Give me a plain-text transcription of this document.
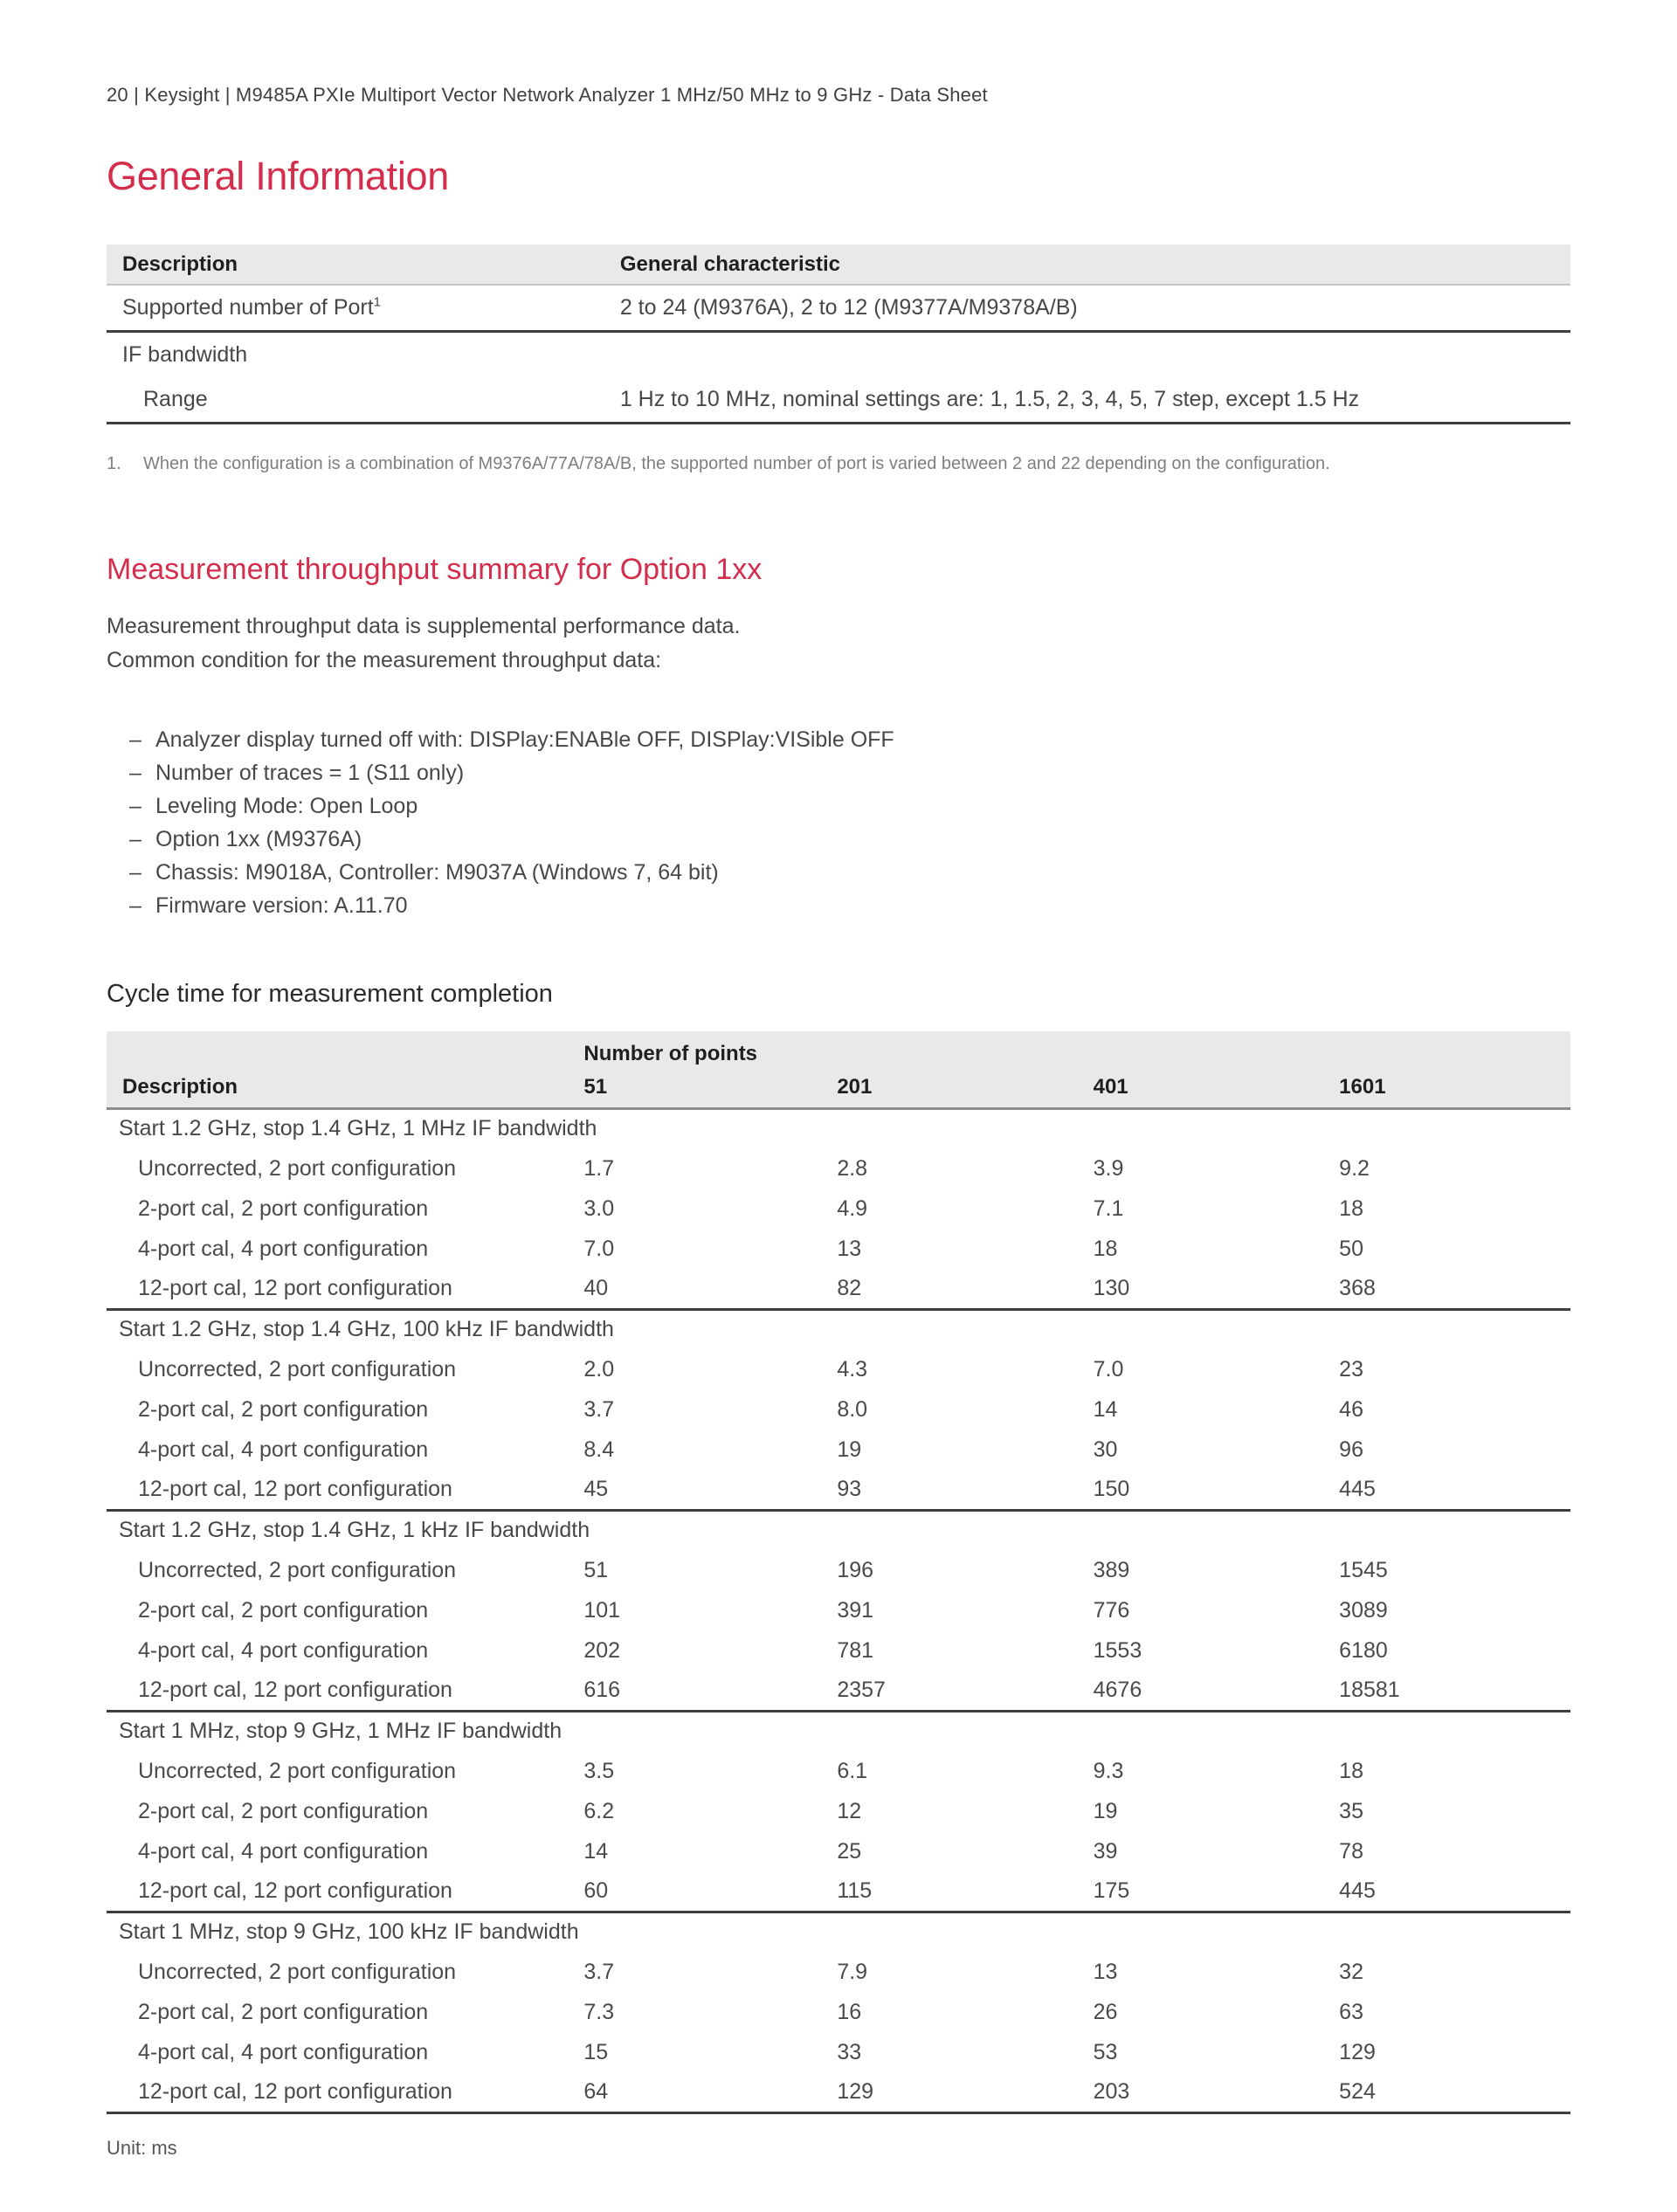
20 | Keysight | M9485A PXIe Multiport Vector Network Analyzer 1 MHz/50 MHz to 9 GHz - Data Sheet
General Information
Description	General characteristic
Supported number of Port$^1$	2 to 24 (M9376A), 2 to 12 (M9377A/M9378A/B)
IF bandwidth	
Range	1 Hz to 10 MHz, nominal settings are: 1, 1.5, 2, 3, 4, 5, 7 step, except 1.5 Hz
1.	When the configuration is a combination of M9376A/77A/78A/B, the supported number of port is varied between 2 and 22 depending on the configuration.
Measurement throughput summary for Option 1xx

Measurement throughput data is supplemental performance data.

Common condition for the measurement throughput data:

– Analyzer display turned off with: DISPlay:ENABle OFF, DISPlay:VISible OFF
– Number of traces = 1 (S11 only)
– Leveling Mode: Open Loop
– Option 1xx (M9376A)
– Chassis: M9018A, Controller: M9037A (Windows 7, 64 bit)
– Firmware version: A.11.70
Cycle time for measurement completion
	Number of points			
Description	51	201	401	1601
Start 1.2 GHz, stop 1.4 GHz, 1 MHz IF bandwidth				
Uncorrected, 2 port configuration	1.7	2.8	3.9	9.2
2-port cal, 2 port configuration	3.0	4.9	7.1	18
4-port cal, 4 port configuration	7.0	13	18	50
12-port cal, 12 port configuration	40	82	130	368
Start 1.2 GHz, stop 1.4 GHz, 100 kHz IF bandwidth				
Uncorrected, 2 port configuration	2.0	4.3	7.0	23
2-port cal, 2 port configuration	3.7	8.0	14	46
4-port cal, 4 port configuration	8.4	19	30	96
12-port cal, 12 port configuration	45	93	150	445
Start 1.2 GHz, stop 1.4 GHz, 1 kHz IF bandwidth				
Uncorrected, 2 port configuration	51	196	389	1545
2-port cal, 2 port configuration	101	391	776	3089
4-port cal, 4 port configuration	202	781	1553	6180
12-port cal, 12 port configuration	616	2357	4676	18581
Start 1 MHz, stop 9 GHz, 1 MHz IF bandwidth				
Uncorrected, 2 port configuration	3.5	6.1	9.3	18
2-port cal, 2 port configuration	6.2	12	19	35
4-port cal, 4 port configuration	14	25	39	78
12-port cal, 12 port configuration	60	115	175	445
Start 1 MHz, stop 9 GHz, 100 kHz IF bandwidth				
Uncorrected, 2 port configuration	3.7	7.9	13	32
2-port cal, 2 port configuration	7.3	16	26	63
4-port cal, 4 port configuration	15	33	53	129
12-port cal, 12 port configuration	64	129	203	524
Unit: ms
